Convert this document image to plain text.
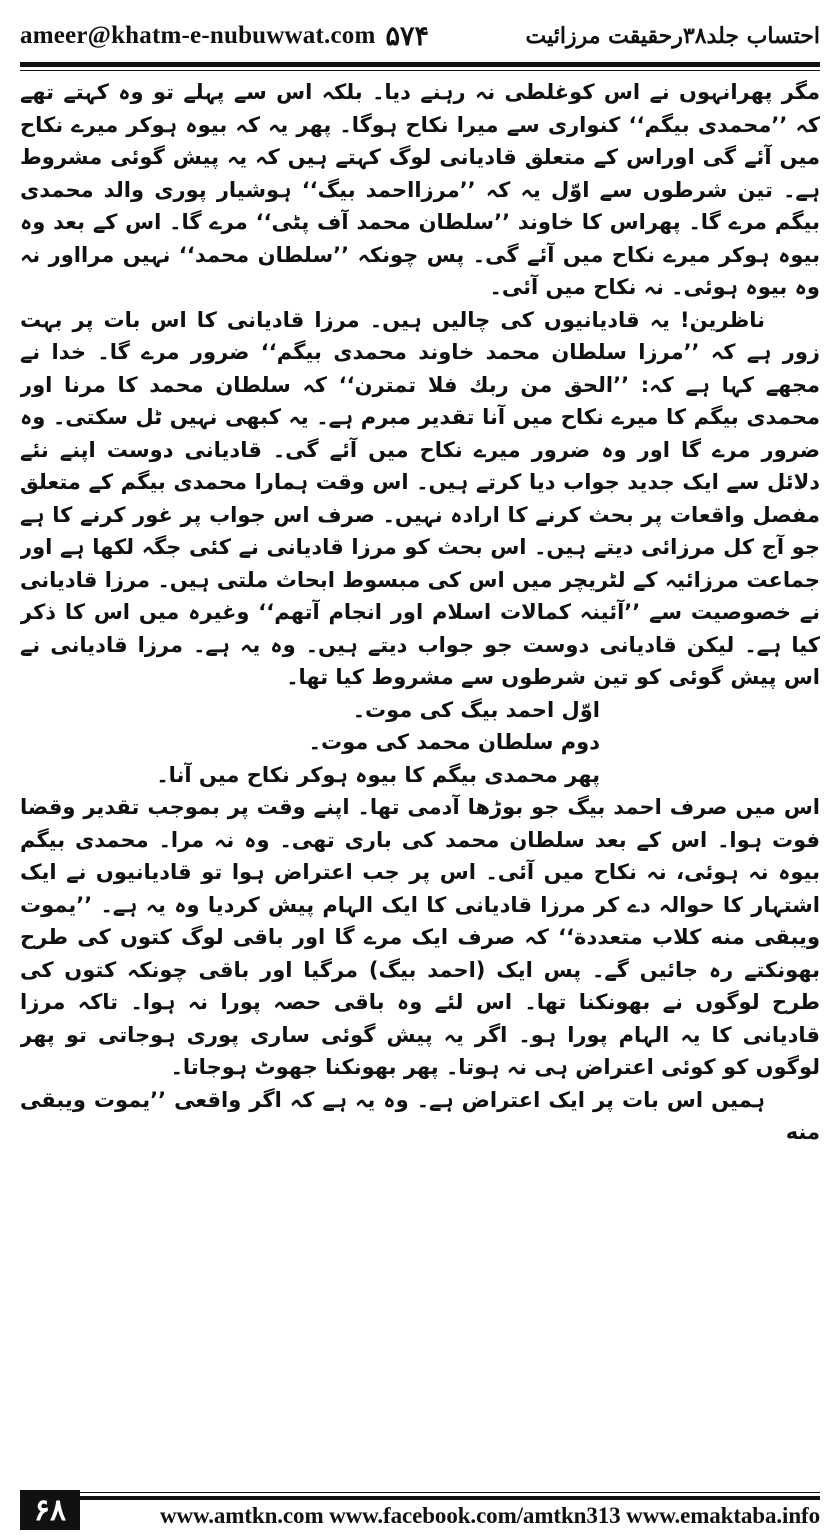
ameer@khatm-e-nubuwwat.com ۵۷۴	احتساب جلد۳۸رحقیقت مرزائیت

مگر پھرانہوں نے اس کوغلطی نہ رہنے دیا۔ بلکہ اس سے پہلے تو وہ کہتے تھے کہ ’’محمدی بیگم‘‘ کنواری سے میرا نکاح ہوگا۔ پھر یہ کہ بیوہ ہوکر میرے نکاح میں آئے گی اوراس کے متعلق قادیانی لوگ کہتے ہیں کہ یہ پیش گوئی مشروط ہے۔ تین شرطوں سے اوّل یہ کہ ’’مرزااحمد بیگ‘‘ ہوشیار پوری والد محمدی بیگم مرے گا۔ پھراس کا خاوند ’’سلطان محمد آف پٹی‘‘ مرے گا۔ اس کے بعد وہ بیوہ ہوکر میرے نکاح میں آئے گی۔ پس چونکہ ’’سلطان محمد‘‘ نہیں مرااور نہ وہ بیوہ ہوئی۔ نہ نکاح میں آئی۔

ناظرین! یہ قادیانیوں کی چالیں ہیں۔ مرزا قادیانی کا اس بات پر بہت زور ہے کہ ’’مرزا سلطان محمد خاوند محمدی بیگم‘‘ ضرور مرے گا۔ خدا نے مجھے کہا ہے کہ: ’’الحق من ربك فلا تمترن‘‘ کہ سلطان محمد کا مرنا اور محمدی بیگم کا میرے نکاح میں آنا تقدیر مبرم ہے۔ یہ کبھی نہیں ٹل سکتی۔ وہ ضرور مرے گا اور وہ ضرور میرے نکاح میں آئے گی۔ قادیانی دوست اپنے نئے دلائل سے ایک جدید جواب دیا کرتے ہیں۔ اس وقت ہمارا محمدی بیگم کے متعلق مفصل واقعات پر بحث کرنے کا ارادہ نہیں۔ صرف اس جواب پر غور کرنے کا ہے جو آج کل مرزائی دیتے ہیں۔ اس بحث کو مرزا قادیانی نے کئی جگہ لکھا ہے اور جماعت مرزائیہ کے لٹریچر میں اس کی مبسوط ابحاث ملتی ہیں۔ مرزا قادیانی نے خصوصیت سے ’’آئینہ کمالات اسلام اور انجام آتھم‘‘ وغیرہ میں اس کا ذکر کیا ہے۔ لیکن قادیانی دوست جو جواب دیتے ہیں۔ وہ یہ ہے۔ مرزا قادیانی نے اس پیش گوئی کو تین شرطوں سے مشروط کیا تھا۔

اوّل احمد بیگ کی موت۔

دوم سلطان محمد کی موت۔

پھر محمدی بیگم کا بیوہ ہوکر نکاح میں آنا۔

اس میں صرف احمد بیگ جو بوڑھا آدمی تھا۔ اپنے وقت پر بموجب تقدیر وقضا فوت ہوا۔ اس کے بعد سلطان محمد کی باری تھی۔ وہ نہ مرا۔ محمدی بیگم بیوہ نہ ہوئی، نہ نکاح میں آئی۔ اس پر جب اعتراض ہوا تو قادیانیوں نے ایک اشتہار کا حوالہ دے کر مرزا قادیانی کا ایک الہام پیش کردیا وہ یہ ہے۔ ’’یموت ویبقی منه كلاب متعددة‘‘ کہ صرف ایک مرے گا اور باقی لوگ کتوں کی طرح بھونکتے رہ جائیں گے۔ پس ایک (احمد بیگ) مرگیا اور باقی چونکہ کتوں کی طرح لوگوں نے بھونکنا تھا۔ اس لئے وہ باقی حصہ پورا نہ ہوا۔ تاکہ مرزا قادیانی کا یہ الہام پورا ہو۔ اگر یہ پیش گوئی ساری پوری ہوجاتی تو پھر لوگوں کو کوئی اعتراض ہی نہ ہوتا۔ پھر بھونکنا جھوٹ ہوجاتا۔

ہمیں اس بات پر ایک اعتراض ہے۔ وہ یہ ہے کہ اگر واقعی ’’یموت ویبقی منه

۶۸	www.amtkn.com www.facebook.com/amtkn313 www.emaktaba.info
